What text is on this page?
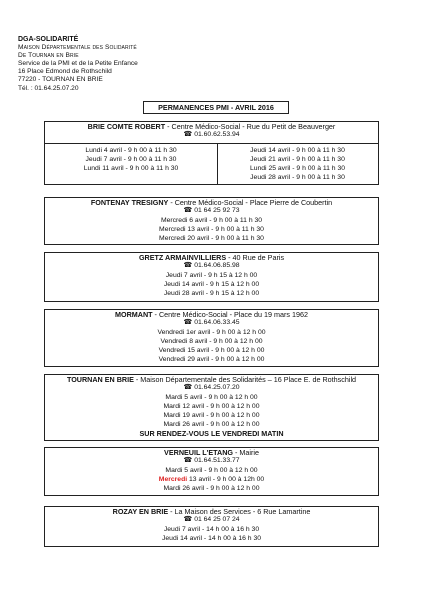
DGA-SOLIDARITÉ
Maison Départementale des Solidarité
De Tournan en Brie
Service de la PMI et de la Petite Enfance
16 Place Edmond de Rothschild
77220 - TOURNAN EN BRIE
Tél. : 01.64.25.07.20
PERMANENCES PMI - AVRIL 2016
BRIE COMTE ROBERT - Centre Médico-Social - Rue du Petit de Beauverger
☎ 01.60.62.53.94
Lundi 4 avril - 9 h 00 à 11 h 30
Jeudi 7 avril - 9 h 00 à 11 h 30
Lundi 11 avril - 9 h 00 à 11 h 30
Jeudi 14 avril - 9 h 00 à 11 h 30
Jeudi 21 avril - 9 h 00 à 11 h 30
Lundi 25 avril - 9 h 00 à 11 h 30
Jeudi 28 avril - 9 h 00 à 11 h 30
FONTENAY TRESIGNY - Centre Médico-Social - Place Pierre de Coubertin
☎ 01 64 25 92 73
Mercredi 6 avril - 9 h 00 à 11 h 30
Mercredi 13 avril - 9 h 00 à 11 h 30
Mercredi 20 avril - 9 h 00 à 11 h 30
GRETZ ARMAINVILLIERS - 40 Rue de Paris
☎ 01.64.06.85.98
Jeudi 7 avril - 9 h 15 à 12 h 00
Jeudi 14 avril - 9 h 15 à 12 h 00
Jeudi 28 avril - 9 h 15 à 12 h 00
MORMANT - Centre Médico-Social - Place du 19 mars 1962
☎ 01.64.06.33.45
Vendredi 1er avril - 9 h 00 à 12 h 00
Vendredi 8 avril - 9 h 00 à 12 h 00
Vendredi 15 avril - 9 h 00 à 12 h 00
Vendredi 29 avril - 9 h 00 à 12 h 00
TOURNAN EN BRIE - Maison Départementale des Solidarités – 16 Place E. de Rothschild
☎ 01.64.25.07.20
Mardi 5 avril - 9 h 00 à 12 h 00
Mardi 12 avril - 9 h 00 à 12 h 00
Mardi 19 avril - 9 h 00 à 12 h 00
Mardi 26 avril - 9 h 00 à 12 h 00
SUR RENDEZ-VOUS LE VENDREDI MATIN
VERNEUIL L'ETANG - Mairie
☎ 01.64.51.33.77
Mardi 5 avril - 9 h 00 à 12 h 00
Mercredi 13 avril - 9 h 00 à 12h 00
Mardi 26 avril - 9 h 00 à 12 h 00
ROZAY EN BRIE - La Maison des Services - 6 Rue Lamartine
☎ 01 64 25 07 24
Jeudi 7 avril - 14 h 00 à 16 h 30
Jeudi 14 avril - 14 h 00 à 16 h 30
